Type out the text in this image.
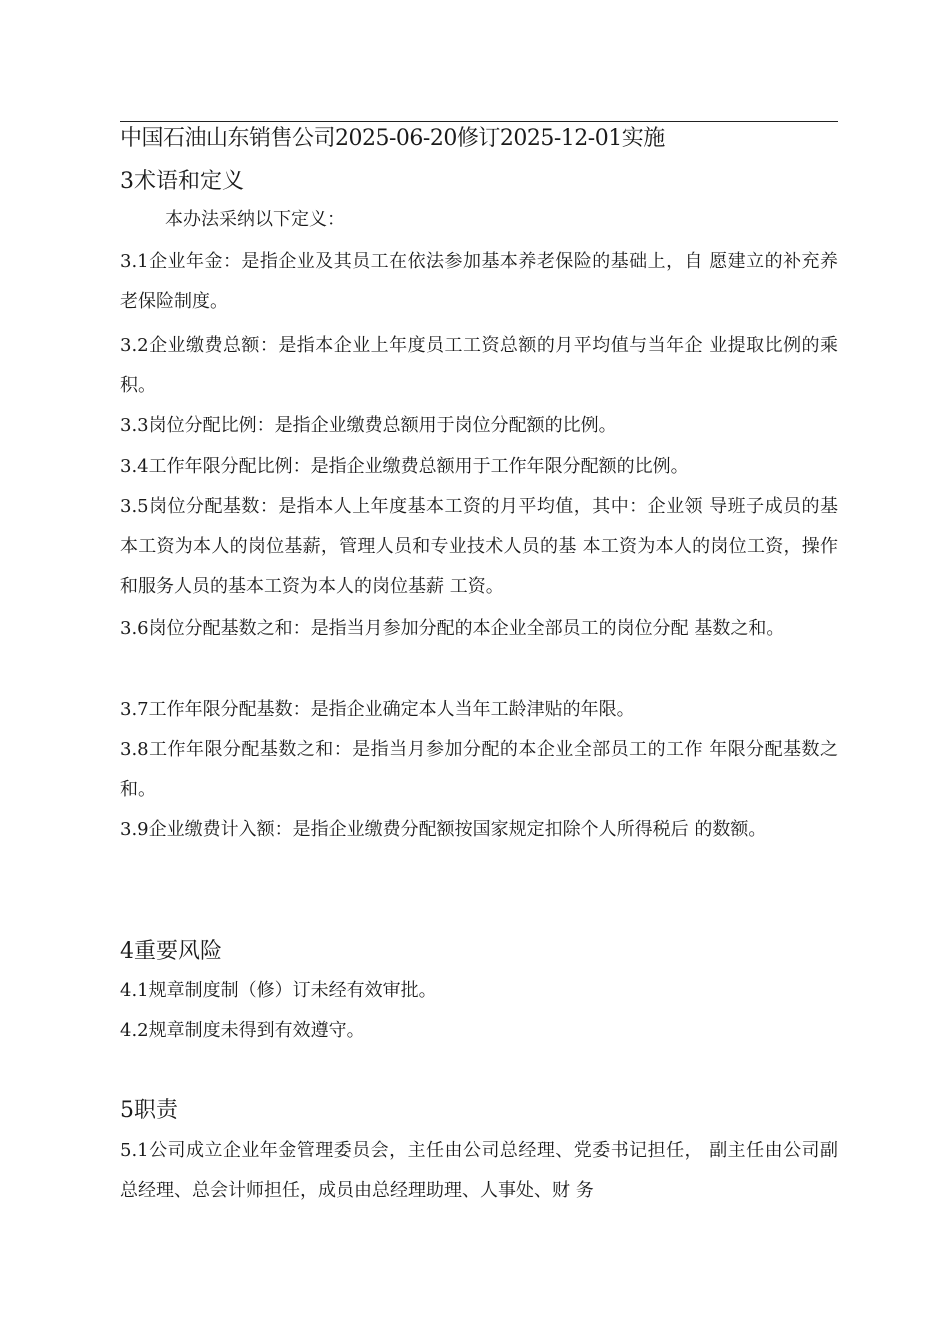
中国石油山东销售公司2025-06-20修订2025-12-01实施
3术语和定义
本办法采纳以下定义：
3.1企业年金：是指企业及其员工在依法参加基本养老保险的基础上，自 愿建立的补充养老保险制度。
3.2企业缴费总额：是指本企业上年度员工工资总额的月平均值与当年企 业提取比例的乘积。
3.3岗位分配比例：是指企业缴费总额用于岗位分配额的比例。
3.4工作年限分配比例：是指企业缴费总额用于工作年限分配额的比例。
3.5岗位分配基数：是指本人上年度基本工资的月平均值，其中：企业领 导班子成员的基本工资为本人的岗位基薪，管理人员和专业技术人员的基 本工资为本人的岗位工资，操作和服务人员的基本工资为本人的岗位基薪 工资。
3.6岗位分配基数之和：是指当月参加分配的本企业全部员工的岗位分配 基数之和。
3.7工作年限分配基数：是指企业确定本人当年工龄津贴的年限。
3.8工作年限分配基数之和：是指当月参加分配的本企业全部员工的工作 年限分配基数之和。
3.9企业缴费计入额：是指企业缴费分配额按国家规定扣除个人所得税后 的数额。
4重要风险
4.1规章制度制（修）订未经有效审批。
4.2规章制度未得到有效遵守。
5职责
5.1公司成立企业年金管理委员会，主任由公司总经理、党委书记担任， 副主任由公司副总经理、总会计师担任，成员由总经理助理、人事处、财 务
